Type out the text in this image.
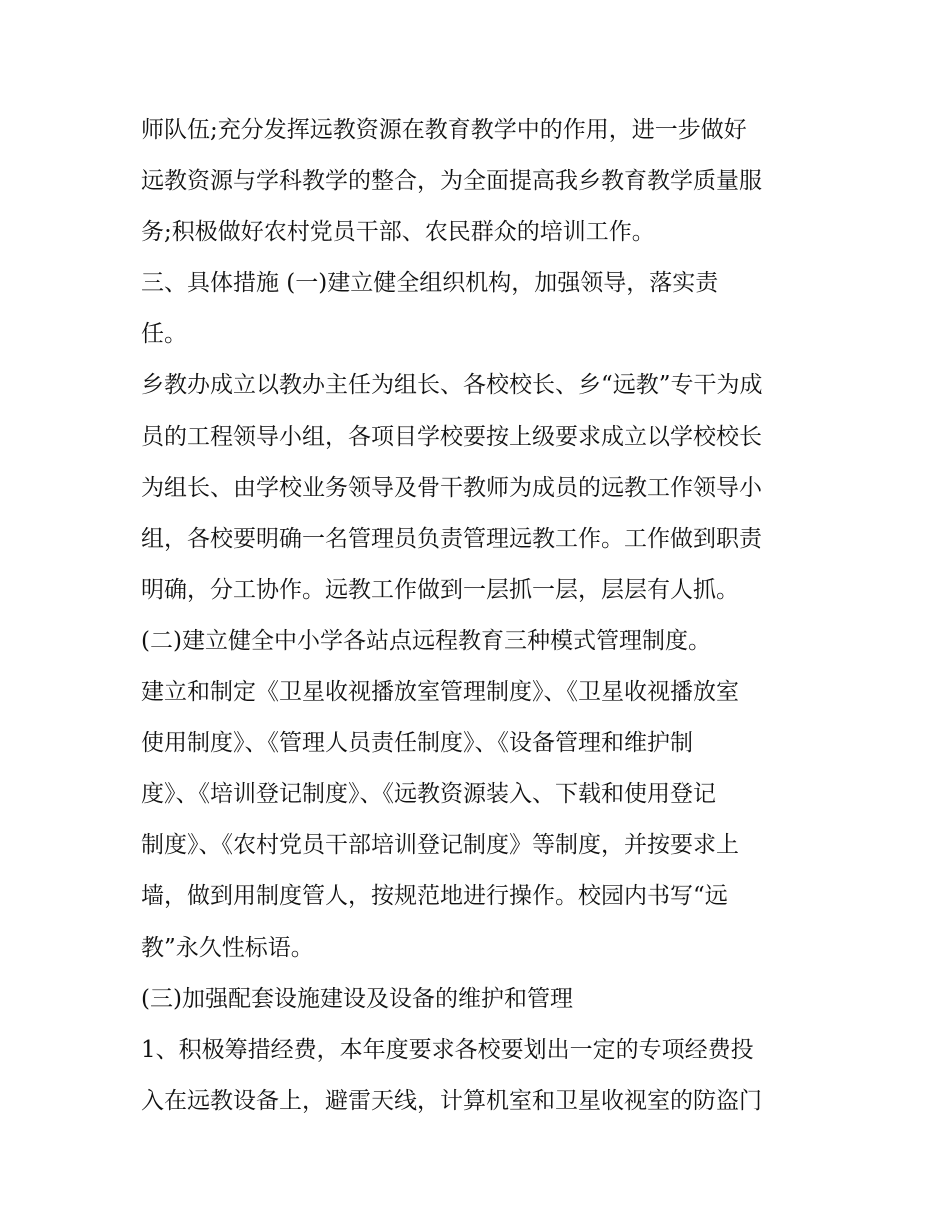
师队伍;充分发挥远教资源在教育教学中的作用，进一步做好
远教资源与学科教学的整合，为全面提高我乡教育教学质量服
务;积极做好农村党员干部、农民群众的培训工作。
三、具体措施 (一)建立健全组织机构，加强领导，落实责
任。
乡教办成立以教办主任为组长、各校校长、乡“远教”专干为成
员的工程领导小组，各项目学校要按上级要求成立以学校校长
为组长、由学校业务领导及骨干教师为成员的远教工作领导小
组，各校要明确一名管理员负责管理远教工作。工作做到职责
明确，分工协作。远教工作做到一层抓一层，层层有人抓。
(二)建立健全中小学各站点远程教育三种模式管理制度。
建立和制定《卫星收视播放室管理制度》、《卫星收视播放室
使用制度》、《管理人员责任制度》、《设备管理和维护制
度》、《培训登记制度》、《远教资源装入、下载和使用登记
制度》、《农村党员干部培训登记制度》等制度，并按要求上
墙，做到用制度管人，按规范地进行操作。校园内书写“远
教”永久性标语。
(三)加强配套设施建设及设备的维护和管理
1、积极筹措经费，本年度要求各校要划出一定的专项经费投
入在远教设备上，避雷天线，计算机室和卫星收视室的防盗门
